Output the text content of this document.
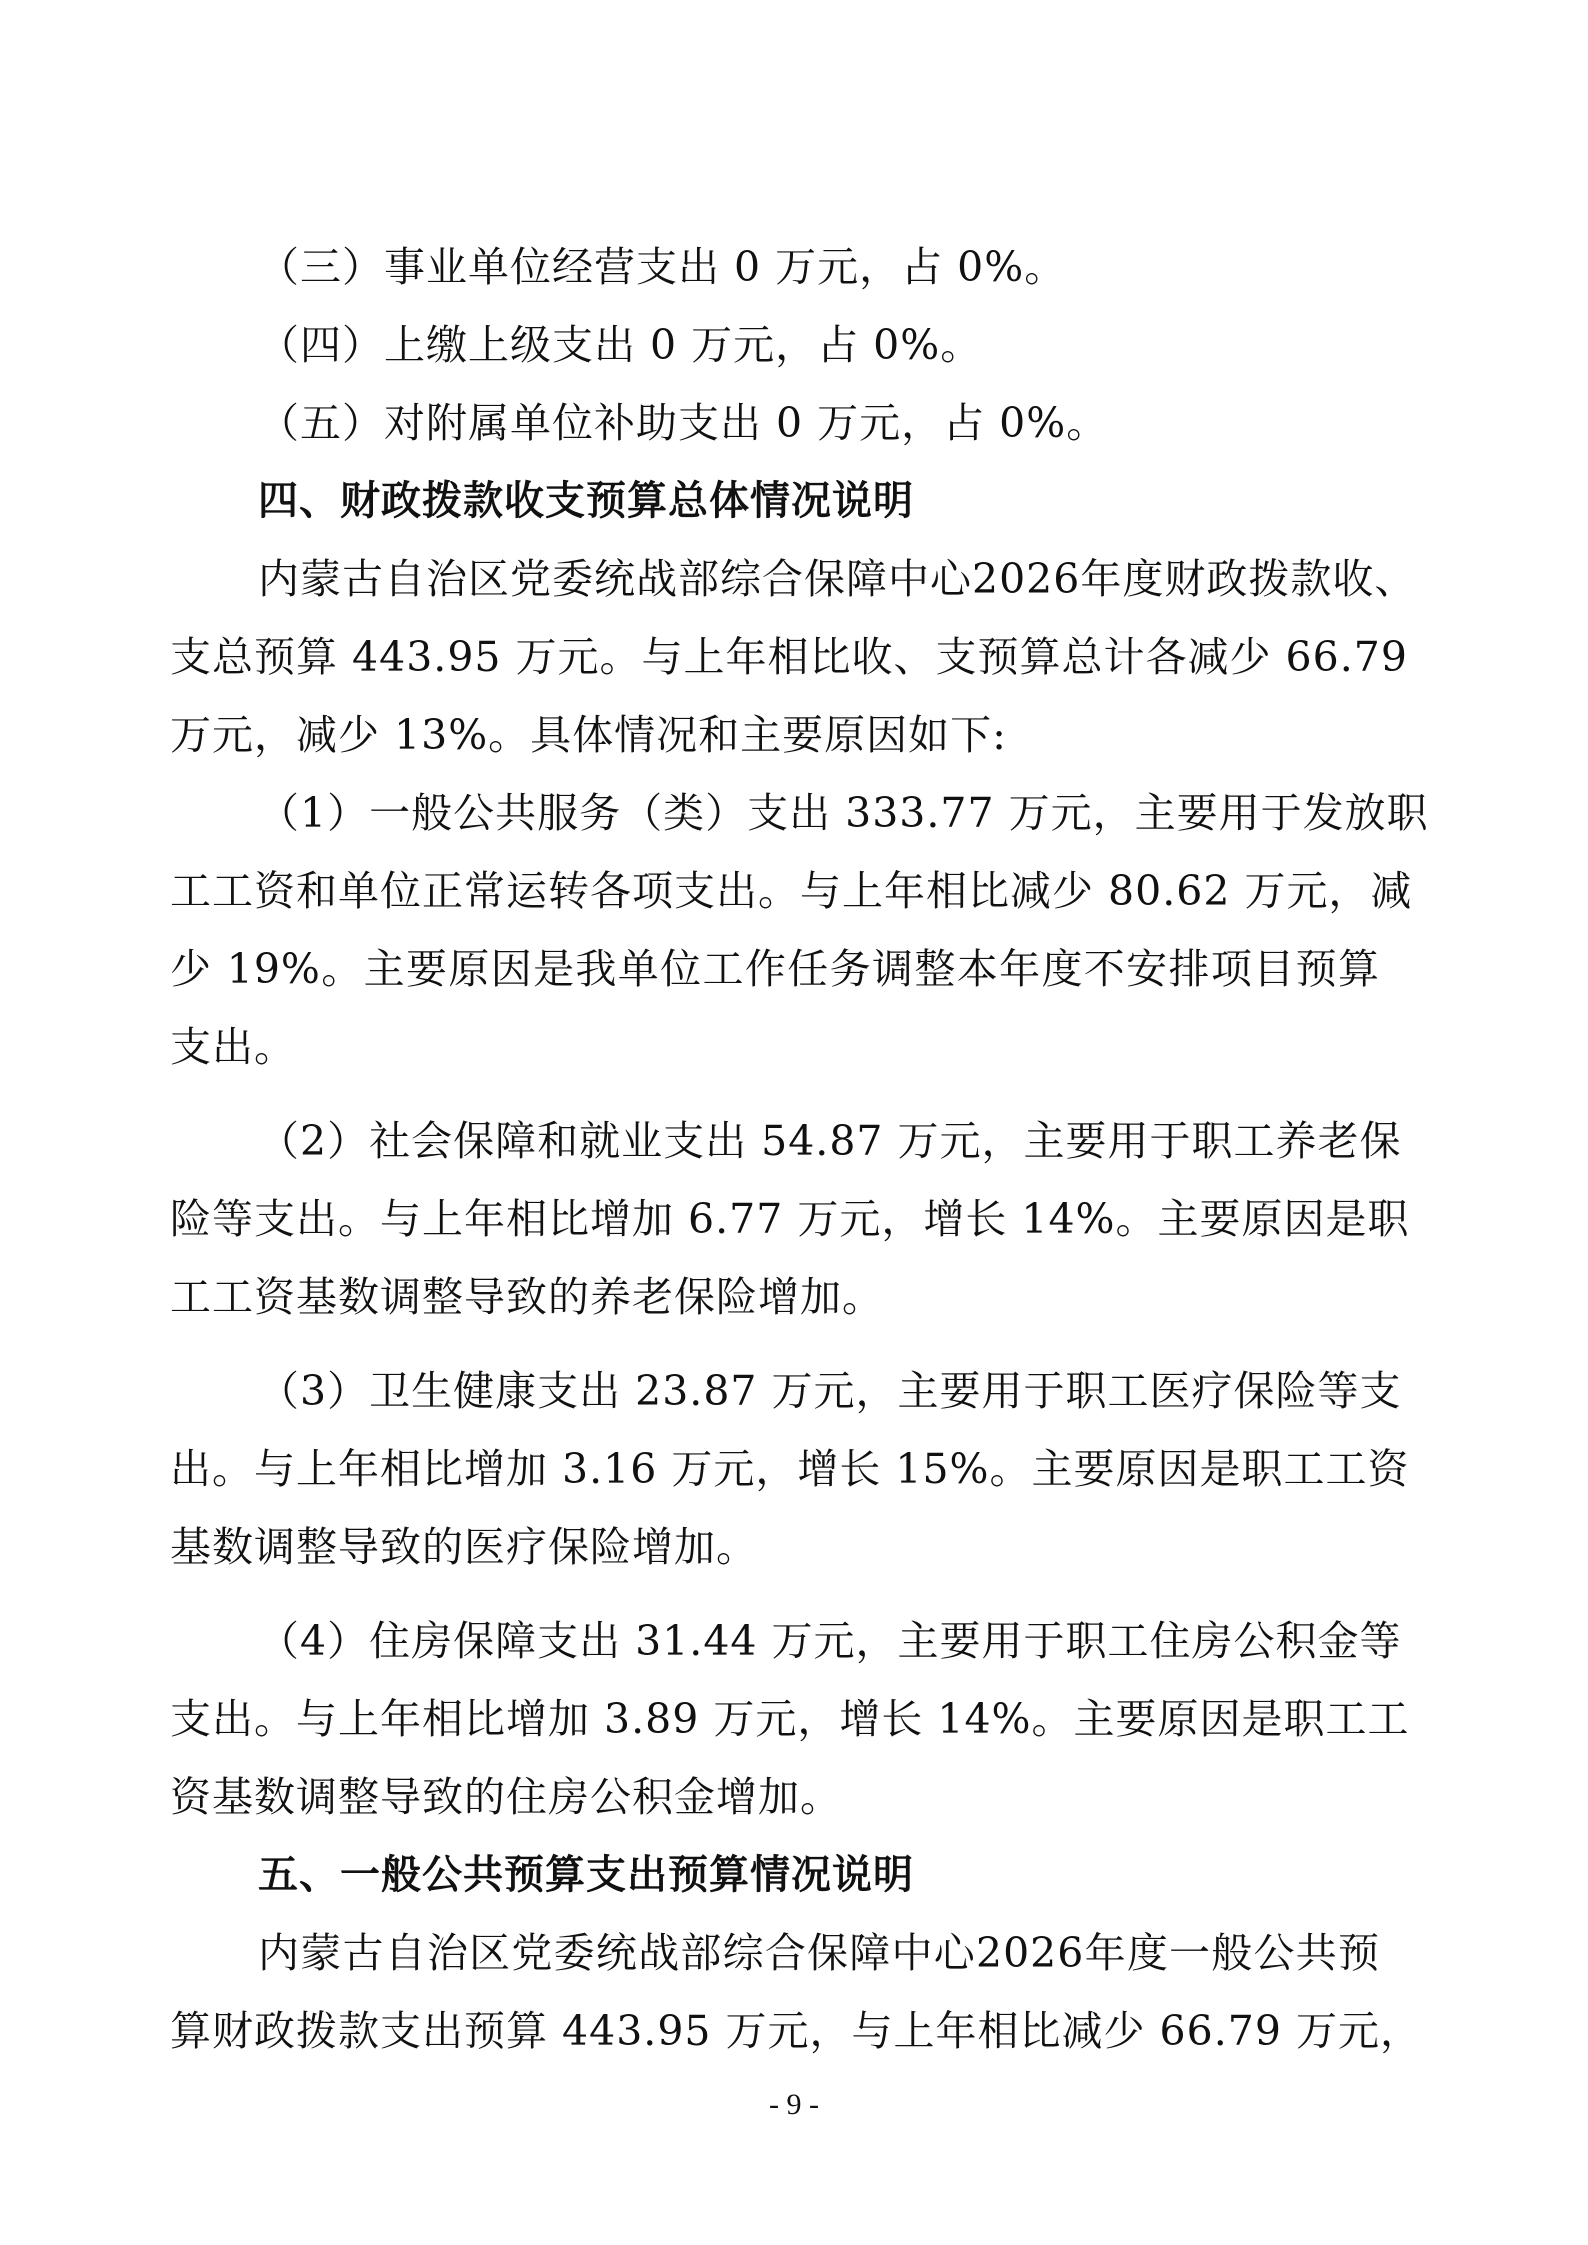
（三）事业单位经营支出 0 万元，占 0%。
（四）上缴上级支出 0 万元，占 0%。
（五）对附属单位补助支出 0 万元，占 0%。
四、财政拨款收支预算总体情况说明
内蒙古自治区党委统战部综合保障中心2026年度财政拨款收、
支总预算 443.95 万元。与上年相比收、支预算总计各减少 66.79
万元，减少 13%。具体情况和主要原因如下:
（1）一般公共服务（类）支出 333.77 万元，主要用于发放职
工工资和单位正常运转各项支出。与上年相比减少 80.62 万元，减
少 19%。主要原因是我单位工作任务调整本年度不安排项目预算
支出。
（2）社会保障和就业支出 54.87 万元，主要用于职工养老保
险等支出。与上年相比增加 6.77 万元，增长 14%。主要原因是职
工工资基数调整导致的养老保险增加。
（3）卫生健康支出 23.87 万元，主要用于职工医疗保险等支
出。与上年相比增加 3.16 万元，增长 15%。主要原因是职工工资
基数调整导致的医疗保险增加。
（4）住房保障支出 31.44 万元，主要用于职工住房公积金等
支出。与上年相比增加 3.89 万元，增长 14%。主要原因是职工工
资基数调整导致的住房公积金增加。
五、一般公共预算支出预算情况说明
内蒙古自治区党委统战部综合保障中心2026年度一般公共预
算财政拨款支出预算 443.95 万元，与上年相比减少 66.79 万元，
- 9 -
